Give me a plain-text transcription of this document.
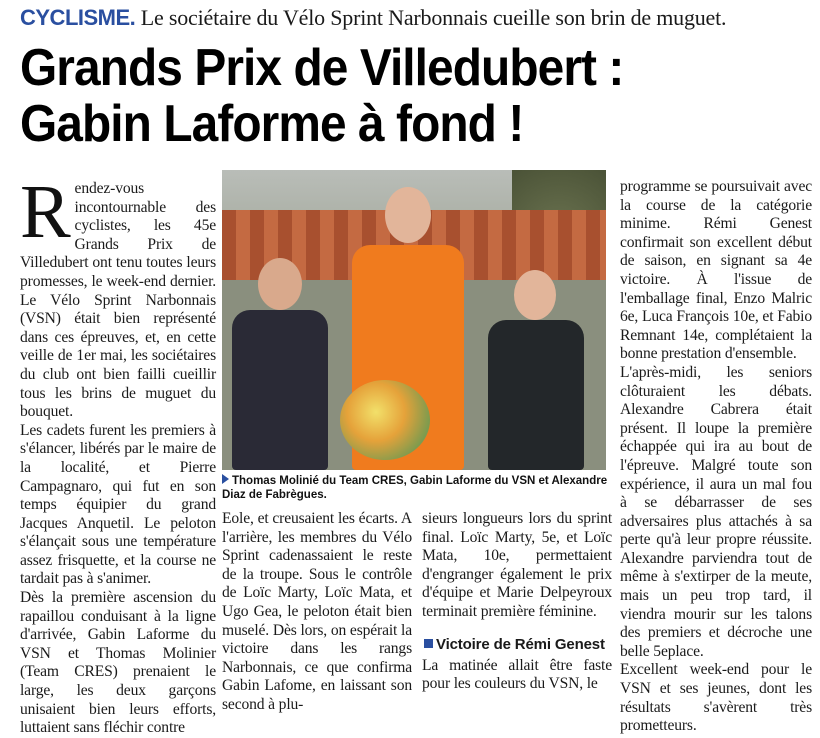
CYCLISME. Le sociétaire du Vélo Sprint Narbonnais cueille son brin de muguet.
Grands Prix de Villedubert :
Gabin Laforme à fond !
R endez-vous incontournable des cyclistes, les 45e Grands Prix de Villedubert ont tenu toutes leurs promesses, le week-end dernier. Le Vélo Sprint Narbonnais (VSN) était bien représenté dans ces épreuves, et, en cette veille de 1er mai, les sociétaires du club ont bien failli cueillir tous les brins de muguet du bouquet.

Les cadets furent les premiers à s'élancer, libérés par le maire de la localité, et Pierre Campagnaro, qui fut en son temps équipier du grand Jacques Anquetil. Le peloton s'élançait sous une température assez frisquette, et la course ne tardait pas à s'animer.

Dès la première ascension du rapaillou conduisant à la ligne d'arrivée, Gabin Laforme du VSN et Thomas Molinier (Team CRES) prenaient le large, les deux garçons unisaient bien leurs efforts, luttaient sans fléchir contre

Thomas Molinié du Team CRES, Gabin Laforme du VSN et Alexandre Diaz de Fabrègues.

Eole, et creusaient les écarts. A l'arrière, les membres du Vélo Sprint cadenassaient le reste de la troupe. Sous le contrôle de Loïc Marty, Loïc Mata, et Ugo Gea, le peloton était bien muselé. Dès lors, on espérait la victoire dans les rangs Narbonnais, ce que confirma Gabin Lafome, en laissant son second à plu-

sieurs longueurs lors du sprint final. Loïc Marty, 5e, et Loïc Mata, 10e, permettaient d'engranger également le prix d'équipe et Marie Delpeyroux terminait première féminine.

Victoire de Rémi Genest

La matinée allait être faste pour les couleurs du VSN, le

programme se poursuivait avec la course de la catégorie minime. Rémi Genest confirmait son excellent début de saison, en signant sa 4e victoire. À l'issue de l'emballage final, Enzo Malric 6e, Luca François 10e, et Fabio Remnant 14e, complétaient la bonne prestation d'ensemble.

L'après-midi, les seniors clôturaient les débats. Alexandre Cabrera était présent. Il loupe la première échappée qui ira au bout de l'épreuve. Malgré toute son expérience, il aura un mal fou à se débarrasser de ses adversaires plus attachés à sa perte qu'à leur propre réussite. Alexandre parviendra tout de même à s'extirper de la meute, mais un peu trop tard, il viendra mourir sur les talons des premiers et décroche une belle 5eplace.

Excellent week-end pour le VSN et ses jeunes, dont les résultats s'avèrent très prometteurs.
